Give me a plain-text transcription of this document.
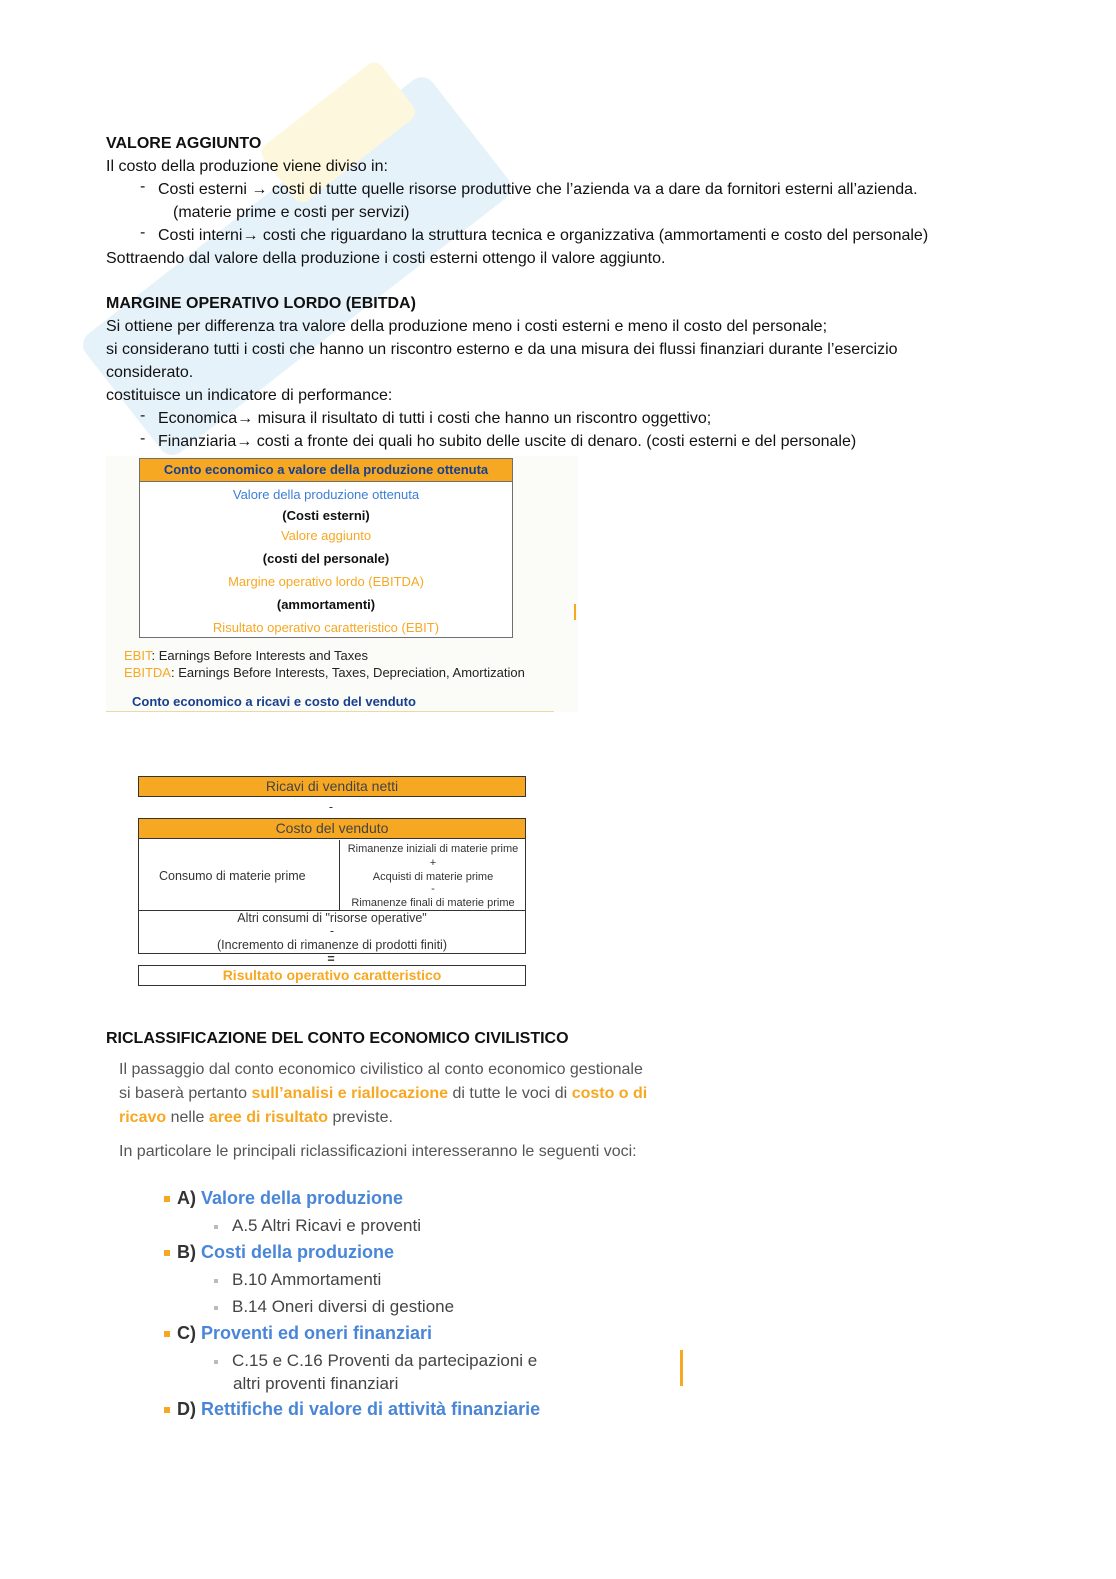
VALORE AGGIUNTO
Il costo della produzione viene diviso in:
- Costi esterni → costi di tutte quelle risorse produttive che l’azienda va a dare da fornitori esterni all’azienda.
(materie prime e costi per servizi)
- Costi interni→ costi che riguardano la struttura tecnica e organizzativa (ammortamenti e costo del personale)
Sottraendo dal valore della produzione i costi esterni ottengo il valore aggiunto.
MARGINE OPERATIVO LORDO (EBITDA)
Si ottiene per differenza tra valore della produzione meno i costi esterni e meno il costo del personale;
si considerano tutti i costi che hanno un riscontro esterno e da una misura dei flussi finanziari durante l’esercizio
considerato.
costituisce un indicatore di performance:
- Economica→ misura il risultato di tutti i costi che hanno un riscontro oggettivo;
- Finanziaria→ costi a fronte dei quali ho subito delle uscite di denaro. (costi esterni e del personale)
Conto economico a valore della produzione ottenuta
Valore della produzione ottenuta
(Costi esterni)
Valore aggiunto
(costi del personale)
Margine operativo lordo (EBITDA)
(ammortamenti)
Risultato operativo caratteristico (EBIT)
EBIT: Earnings Before Interests and Taxes
EBITDA: Earnings Before Interests, Taxes, Depreciation, Amortization
Conto economico a ricavi e costo del venduto
Ricavi di vendita netti
-
Costo del venduto
Consumo di materie prime
Rimanenze iniziali di materie prime
+
Acquisti di materie prime
-
Rimanenze finali di materie prime
Altri consumi di "risorse operative"
-
(Incremento di rimanenze di prodotti finiti)
=
Risultato operativo caratteristico
RICLASSIFICAZIONE DEL CONTO ECONOMICO CIVILISTICO

Il passaggio dal conto economico civilistico al conto economico gestionale

si baserà pertanto sull’analisi e riallocazione di tutte le voci di costo o di

ricavo nelle aree di risultato previste.

In particolare le principali riclassificazioni interesseranno le seguenti voci:

A) Valore della produzione
A.5 Altri Ricavi e proventi
B) Costi della produzione
B.10 Ammortamenti
B.14 Oneri diversi di gestione
C) Proventi ed oneri finanziari
C.15 e C.16 Proventi da partecipazioni e
altri proventi finanziari
D) Rettifiche di valore di attività finanziarie
